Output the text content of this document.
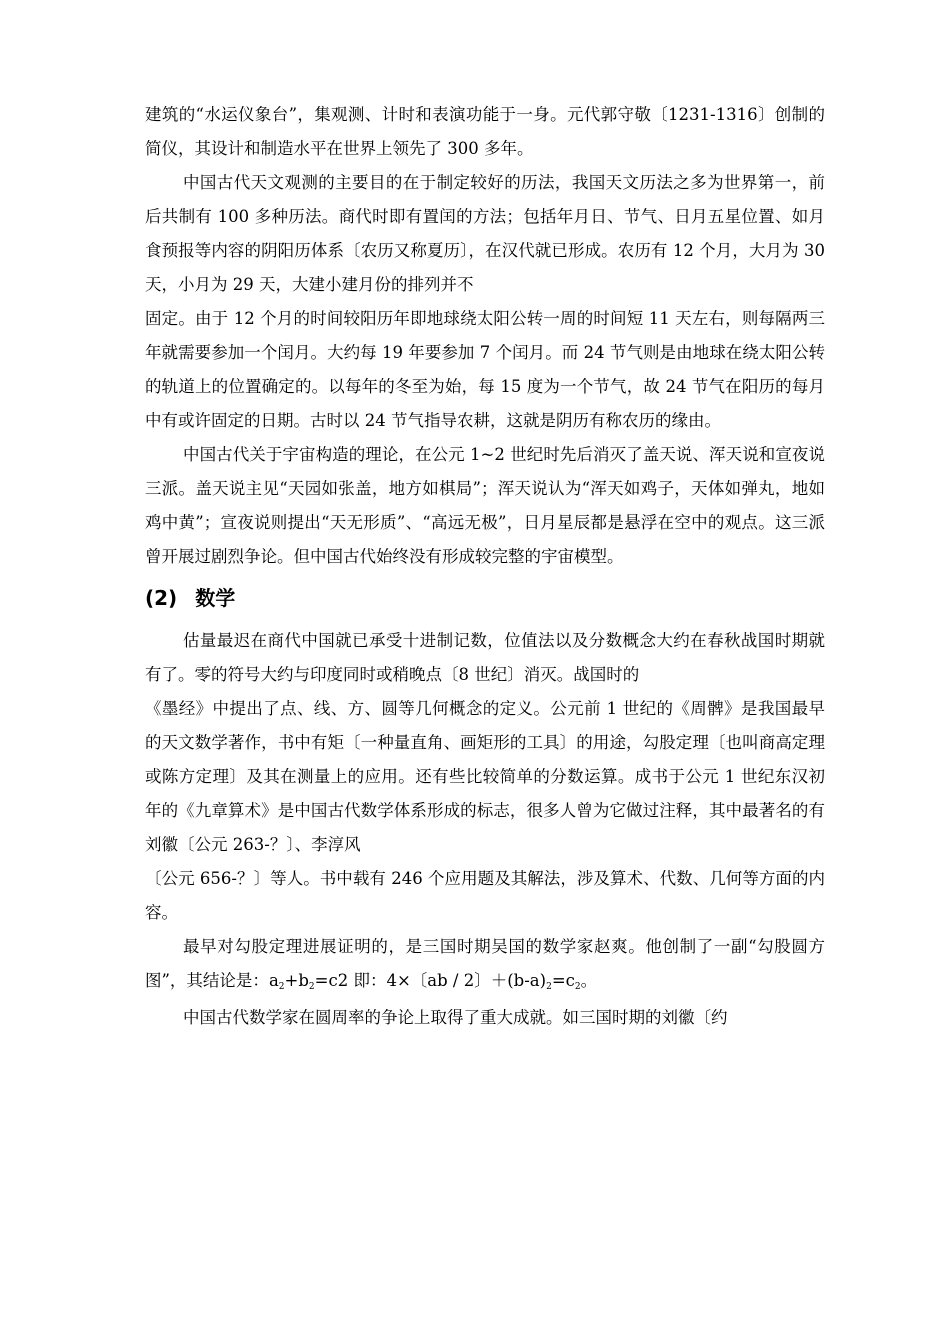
建筑的“水运仪象台”，集观测、计时和表演功能于一身。元代郭守敬〔1231-1316〕创制的简仪，其设计和制造水平在世界上领先了 300 多年。

中国古代天文观测的主要目的在于制定较好的历法，我国天文历法之多为世界第一，前后共制有 100 多种历法。商代时即有置闰的方法；包括年月日、节气、日月五星位置、如月食预报等内容的阴阳历体系〔农历又称夏历〕，在汉代就已形成。农历有 12 个月，大月为 30 天，小月为 29 天，大建小建月份的排列并不

固定。由于 12 个月的时间较阳历年即地球绕太阳公转一周的时间短 11 天左右，则每隔两三年就需要参加一个闰月。大约每 19 年要参加 7 个闰月。而 24 节气则是由地球在绕太阳公转的轨道上的位置确定的。以每年的冬至为始，每 15 度为一个节气，故 24 节气在阳历的每月中有或许固定的日期。古时以 24 节气指导农耕，这就是阴历有称农历的缘由。

中国古代关于宇宙构造的理论，在公元 1~2 世纪时先后消灭了盖天说、浑天说和宣夜说三派。盖天说主见“天园如张盖，地方如棋局”；浑天说认为“浑天如鸡子，天体如弹丸，地如鸡中黄”；宣夜说则提出“天无形质”、“高远无极”，日月星辰都是悬浮在空中的观点。这三派曾开展过剧烈争论。但中国古代始终没有形成较完整的宇宙模型。

(2) 数学

估量最迟在商代中国就已承受十进制记数，位值法以及分数概念大约在春秋战国时期就有了。零的符号大约与印度同时或稍晚点〔8 世纪〕消灭。战国时的

《墨经》中提出了点、线、方、圆等几何概念的定义。公元前 1 世纪的《周髀》是我国最早的天文数学著作，书中有矩〔一种量直角、画矩形的工具〕的用途，勾股定理〔也叫商高定理或陈方定理〕及其在测量上的应用。还有些比较简单的分数运算。成书于公元 1 世纪东汉初年的《九章算术》是中国古代数学体系形成的标志，很多人曾为它做过注释，其中最著名的有刘徽〔公元 263-？〕、李淳风

〔公元 656-？〕等人。书中载有 246 个应用题及其解法，涉及算术、代数、几何等方面的内容。

最早对勾股定理进展证明的，是三国时期吴国的数学家赵爽。他创制了一副“勾股圆方图”，其结论是：$a_2+b_2=c2$ 即：4×〔ab / 2〕$+(b-a)_2=c_2$。

中国古代数学家在圆周率的争论上取得了重大成就。如三国时期的刘徽〔约
